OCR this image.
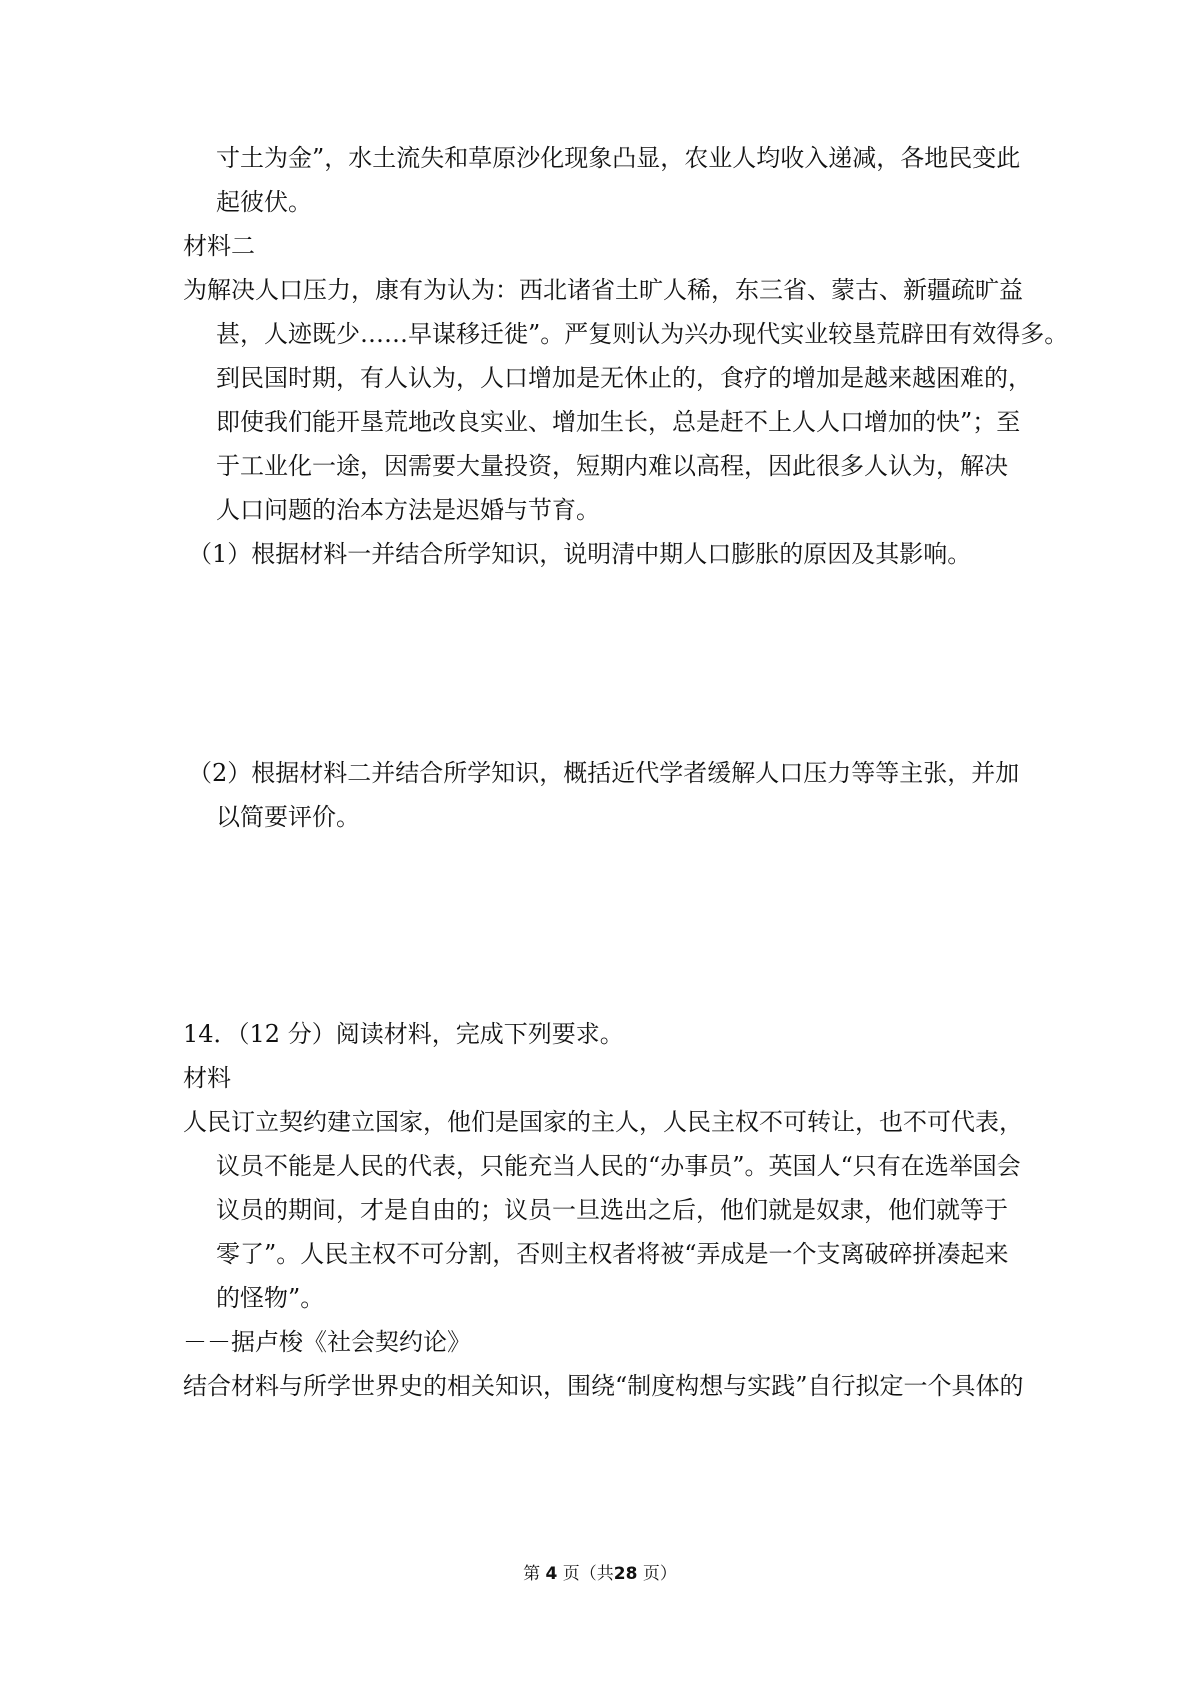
寸土为金”，水土流失和草原沙化现象凸显，农业人均收入递减，各地民变此
起彼伏。
材料二
为解决人口压力，康有为认为：西北诸省土旷人稀，东三省、蒙古、新疆疏旷益
甚，人迹既少……早谋移迁徙”。严复则认为兴办现代实业较垦荒辟田有效得多。
到民国时期，有人认为，人口增加是无休止的，食疗的增加是越来越困难的，
即使我们能开垦荒地改良实业、增加生长，总是赶不上人人口增加的快”；至
于工业化一途，因需要大量投资，短期内难以高程，因此很多人认为，解决
人口问题的治本方法是迟婚与节育。
（1）根据材料一并结合所学知识，说明清中期人口膨胀的原因及其影响。
（2）根据材料二并结合所学知识，概括近代学者缓解人口压力等等主张，并加
以简要评价。
14．（12 分）阅读材料，完成下列要求。
材料
人民订立契约建立国家，他们是国家的主人，人民主权不可转让，也不可代表，
议员不能是人民的代表，只能充当人民的“办事员”。英国人“只有在选举国会
议员的期间，才是自由的；议员一旦选出之后，他们就是奴隶，他们就等于
零了”。人民主权不可分割，否则主权者将被“弄成是一个支离破碎拼凑起来
的怪物”。
－－据卢梭《社会契约论》
结合材料与所学世界史的相关知识，围绕“制度构想与实践”自行拟定一个具体的
第 4 页（共28 页）
